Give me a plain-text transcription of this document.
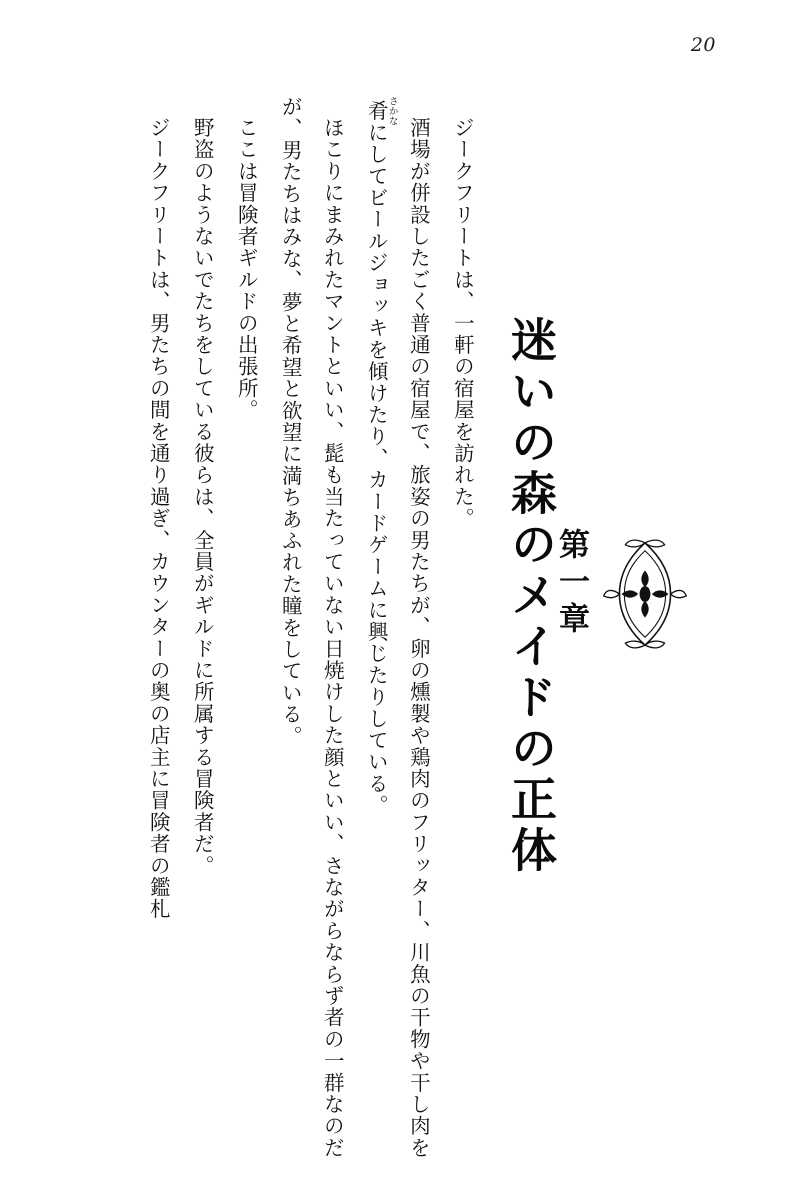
20
第一章
迷いの森のメイドの正体
ジークフリートは、一軒の宿屋を訪れた。
酒場が併設したごく普通の宿屋で、旅姿の男たちが、卵の燻製や鶏肉のフリッター、川魚の干物や干し肉を肴さかなにしてビールジョッキを傾けたり、カードゲームに興じたりしている。
ほこりにまみれたマントといい、髭も当たっていない日焼けした顔といい、さながらならず者の一群なのだが、男たちはみな、夢と希望と欲望に満ちあふれた瞳をしている。
ここは冒険者ギルドの出張所。
野盗のようないでたちをしている彼らは、全員がギルドに所属する冒険者だ。
ジークフリートは、男たちの間を通り過ぎ、カウンターの奥の店主に冒険者の鑑札
